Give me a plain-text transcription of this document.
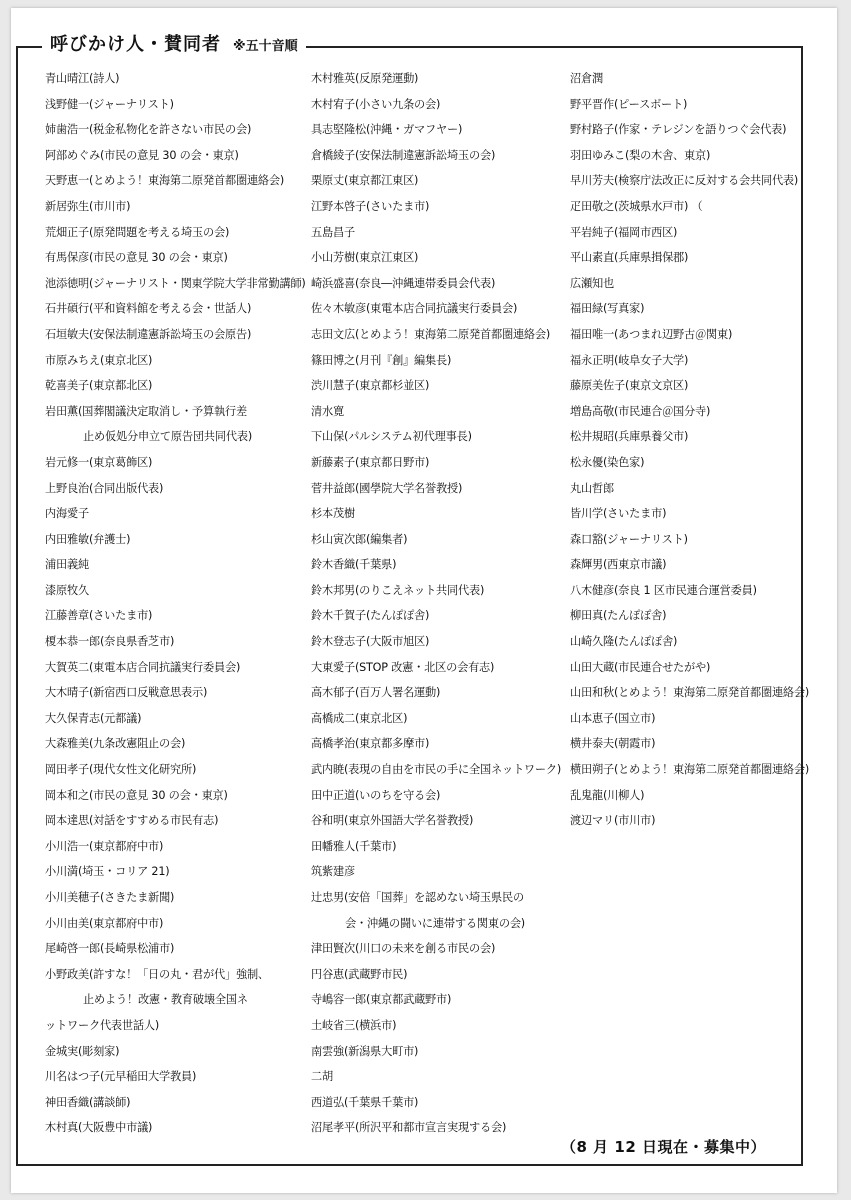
呼びかけ人・賛同者 ※五十音順
青山晴江(詩人)
浅野健一(ジャーナリスト)
姉歯浩一(税金私物化を許さない市民の会)
阿部めぐみ(市民の意見 30 の会・東京)
天野恵一(とめよう！東海第二原発首都圏連絡会)
新居弥生(市川市)
荒畑正子(原発問題を考える埼玉の会)
有馬保彦(市民の意見 30 の会・東京)
池添徳明(ジャーナリスト・関東学院大学非常勤講師)
石井碩行(平和資料館を考える会・世話人)
石垣敏夫(安保法制違憲訴訟埼玉の会原告)
市原みちえ(東京北区)
乾喜美子(東京都北区)
岩田薫(国葬閣議決定取消し・予算執行差
止め仮処分申立て原告団共同代表)
岩元修一(東京葛飾区)
上野良治(合同出版代表)
内海愛子
内田雅敏(弁護士)
浦田義純
漆原牧久
江藤善章(さいたま市)
榎本恭一郎(奈良県香芝市)
大賀英二(東電本店合同抗議実行委員会)
大木晴子(新宿西口反戦意思表示)
大久保青志(元都議)
大森雅美(九条改憲阻止の会)
岡田孝子(現代女性文化研究所)
岡本和之(市民の意見 30 の会・東京)
岡本達思(対話をすすめる市民有志)
小川浩一(東京都府中市)
小川満(埼玉・コリア 21)
小川美穂子(さきたま新聞)
小川由美(東京都府中市)
尾崎啓一郎(長崎県松浦市)
小野政美(許すな！「日の丸・君が代」強制、
止めよう！改憲・教育破壊全国ネ
ットワーク代表世話人)
金城実(彫刻家)
川名はつ子(元早稲田大学教員)
神田香織(講談師)
木村真(大阪豊中市議)
木村雅英(反原発運動)
木村宥子(小さい九条の会)
具志堅隆松(沖縄・ガマフヤー)
倉橋綾子(安保法制違憲訴訟埼玉の会)
栗原丈(東京都江東区)
江野本啓子(さいたま市)
五島昌子
小山芳樹(東京江東区)
崎浜盛喜(奈良―沖縄連帯委員会代表)
佐々木敏彦(東電本店合同抗議実行委員会)
志田文広(とめよう！東海第二原発首都圏連絡会)
篠田博之(月刊『創』編集長)
渋川慧子(東京都杉並区)
清水寛
下山保(パルシステム初代理事長)
新藤素子(東京都日野市)
菅井益郎(國學院大学名誉教授)
杉本茂樹
杉山寅次郎(編集者)
鈴木香織(千葉県)
鈴木邦男(のりこえネット共同代表)
鈴木千賀子(たんぽぽ舎)
鈴木登志子(大阪市旭区)
大東愛子(STOP 改憲・北区の会有志)
高木郁子(百万人署名運動)
高橋成二(東京北区)
高橋孝治(東京都多摩市)
武内暁(表現の自由を市民の手に全国ネットワーク)
田中正道(いのちを守る会)
谷和明(東京外国語大学名誉教授)
田幡雅人(千葉市)
筑紫建彦
辻忠男(安倍「国葬」を認めない埼玉県民の
会・沖縄の闘いに連帯する関東の会)
津田賢次(川口の未来を創る市民の会)
円谷恵(武蔵野市民)
寺嶋容一郎(東京都武蔵野市)
土岐省三(横浜市)
南雲強(新潟県大町市)
二胡
西道弘(千葉県千葉市)
沼尾孝平(所沢平和都市宣言実現する会)
沼倉潤
野平晋作(ピースボート)
野村路子(作家・テレジンを語りつぐ会代表)
羽田ゆみこ(梨の木舎、東京)
早川芳夫(検察庁法改正に反対する会共同代表)
疋田敬之(茨城県水戸市) （
平岩純子(福岡市西区)
平山素直(兵庫県揖保郡)
広瀬知也
福田緑(写真家)
福田唯一(あつまれ辺野古＠関東)
福永正明(岐阜女子大学)
藤原美佐子(東京文京区)
増島高敬(市民連合＠国分寺)
松井規昭(兵庫県養父市)
松永優(染色家)
丸山哲郎
皆川学(さいたま市)
森口豁(ジャーナリスト)
森輝男(西東京市議)
八木健彦(奈良 1 区市民連合運営委員)
柳田真(たんぽぽ舎)
山崎久隆(たんぽぽ舎)
山田大蔵(市民連合せたがや)
山田和秋(とめよう！東海第二原発首都圏連絡会)
山本恵子(国立市)
横井泰夫(朝霞市)
横田朔子(とめよう！東海第二原発首都圏連絡会)
乱鬼龍(川柳人)
渡辺マリ(市川市)
（8 月 12 日現在・募集中）
